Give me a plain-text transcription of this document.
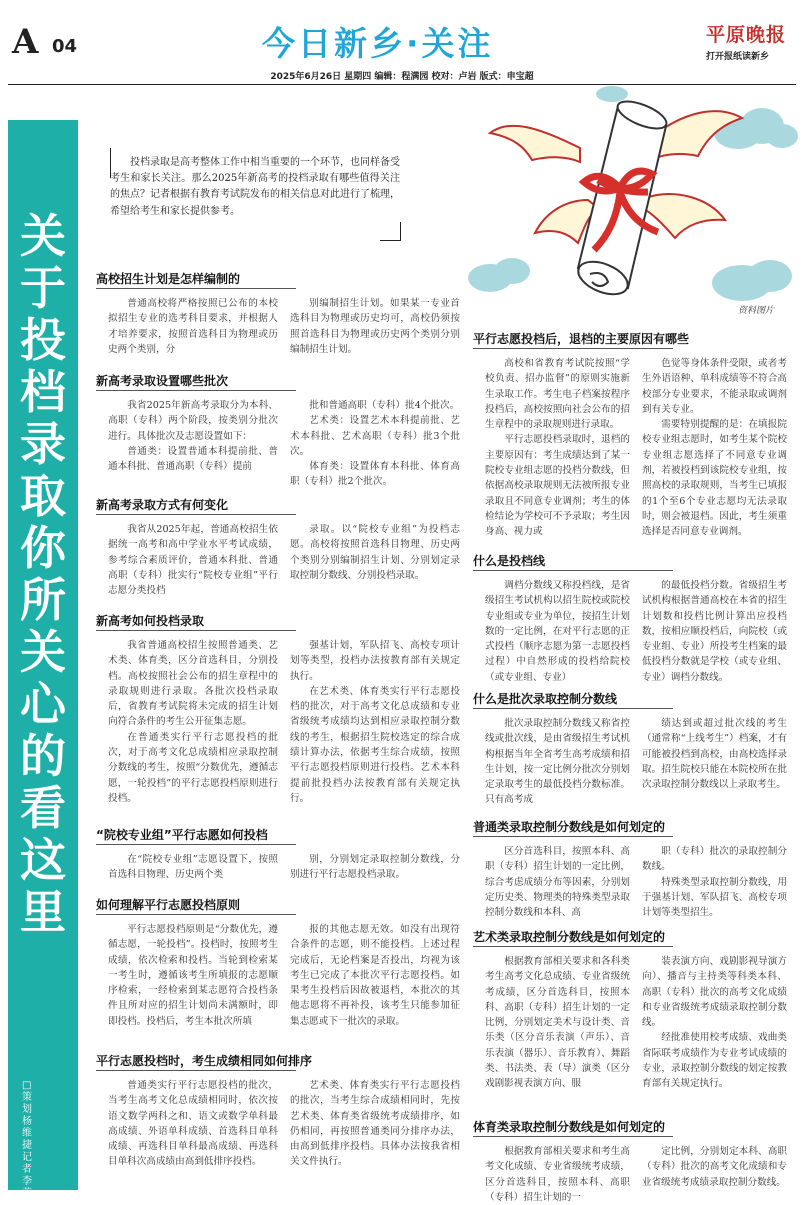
A 04	今日新乡·关注	平原晚报
打开报纸读新乡
2025年6月26日 星期四 编辑：程满园 校对：卢岩 版式：申宝超
关于投档录取 你所关心的看这里
□策划 杨维捷 记者 李蕊
投档录取是高考整体工作中相当重要的一个环节，也同样备受考生和家长关注。那么2025年新高考的投档录取有哪些值得关注的焦点？记者根据有教育考试院发布的相关信息对此进行了梳理，希望给考生和家长提供参考。
资料图片
高校招生计划是怎样编制的

普通高校将严格按照已公布的本校拟招生专业的选考科目要求，并根据人才培养要求，按照首选科目为物理或历史两个类别，分

别编制招生计划。如果某一专业首选科目为物理或历史均可，高校仍须按照首选科目为物理或历史两个类别分别编制招生计划。

新高考录取设置哪些批次

我省2025年新高考录取分为本科、高职（专科）两个阶段，按类别分批次进行。具体批次及志愿设置如下：

普通类：设置普通本科提前批、普通本科批、普通高职（专科）提前

批和普通高职（专科）批4个批次。

艺术类：设置艺术本科提前批、艺术本科批、艺术高职（专科）批3个批次。

体育类：设置体育本科批、体育高职（专科）批2个批次。

新高考录取方式有何变化

我省从2025年起，普通高校招生依据统一高考和高中学业水平考试成绩，参考综合素质评价，普通本科批、普通高职（专科）批实行“院校专业组”平行志愿分类投档

录取。以“院校专业组”为投档志愿。高校将按照首选科目物理、历史两个类别分别编制招生计划、分别划定录取控制分数线、分别投档录取。

新高考如何投档录取

我省普通高校招生按照普通类、艺术类、体育类，区分首选科目，分别投档。高校按照社会公布的招生章程中的录取规则进行录取。各批次投档录取后，省教育考试院将未完成的招生计划向符合条件的考生公开征集志愿。

在普通类实行平行志愿投档的批次，对于高考文化总成绩相应录取控制分数线的考生，按照“分数优先，遵循志愿，一轮投档”的平行志愿投档原则进行投档。

强基计划，军队招飞、高校专项计划等类型，投档办法按教育部有关规定执行。

在艺术类、体育类实行平行志愿投档的批次，对于高考文化总成绩和专业省级统考成绩均达到相应录取控制分数线的考生，根据招生院校选定的综合成绩计算办法，依据考生综合成绩，按照平行志愿投档原则进行投档。艺术本科提前批投档办法按教育部有关规定执行。

“院校专业组”平行志愿如何投档

在“院校专业组”志愿设置下，按照首选科目物理、历史两个类

别，分别划定录取控制分数线，分别进行平行志愿投档录取。

如何理解平行志愿投档原则

平行志愿投档原则是“分数优先，遵循志愿，一轮投档”。投档时，按照考生成绩，依次检索和投档。当轮到检索某一考生时，遵循该考生所填报的志愿顺序检索，一经检索到某志愿符合投档条件且所对应的招生计划尚未满额时，即即投档。投档后，考生本批次所填

报的其他志愿无效。如没有出现符合条件的志愿，则不能投档。上述过程完成后，无论档案是否投出，均视为该考生已完成了本批次平行志愿投档。如果考生投档后因故被退档，本批次的其他志愿将不再补投，该考生只能参加征集志愿或下一批次的录取。

平行志愿投档时，考生成绩相同如何排序

普通类实行平行志愿投档的批次，当考生高考文化总成绩相同时，依次按语文数学两科之和、语文或数学单科最高成绩、外语单科成绩、首选科目单科成绩、再选科目单科最高成绩、再选科目单科次高成绩由高到低排序投档。

艺术类、体育类实行平行志愿投档的批次，当考生综合成绩相同时，先按艺术类、体育类省级统考成绩排序，如仍相同，再按照普通类同分排序办法，由高到低排序投档。具体办法按我省相关文件执行。

平行志愿投档后，退档的主要原因有哪些

高校和省教育考试院按照“学校负责、招办监督”的原则实施新生录取工作。考生电子档案按程序投档后，高校按照向社会公布的招生章程中的录取规则进行录取。

平行志愿投档录取时，退档的主要原因有：考生成绩达到了某一院校专业组志愿的投档分数线，但依据高校录取规则无法被所报专业录取且不同意专业调剂；考生的体检结论为学校可不予录取；考生因身高、视力或

色觉等身体条件受限，或者考生外语语种、单科成绩等不符合高校部分专业要求，不能录取或调剂到有关专业。

需要特别提醒的是：在填报院校专业组志愿时，如考生某个院校专业组志愿选择了不同意专业调剂，若被投档到该院校专业组，按照高校的录取规则，当考生已填报的1个至6个专业志愿均无法录取时，则会被退档。因此，考生须重选择是否同意专业调剂。

什么是投档线

调档分数线又称投档线，是省级招生考试机构以招生院校或院校专业组或专业为单位，按招生计划数的一定比例，在对平行志愿的正式投档（顺序志愿为第一志愿投档过程）中自然形成的投档给院校（或专业组、专业）

的最低投档分数。省级招生考试机构根据普通高校在本省的招生计划数和投档比例计算出应投档数，按相应顺投档后，向院校（或专业组、专业）所投考生档案的最低投档分数就是学校（或专业组、专业）调档分数线。

什么是批次录取控制分数线

批次录取控制分数线又称省控线或批次线，是由省级招生考试机构根据当年全省考生高考成绩和招生计划，按一定比例分批次分别划定录取考生的最低投档分数标准。只有高考成

绩达到或超过批次线的考生（通常称“上线考生”）档案，才有可能被投档到高校，由高校选择录取。招生院校只能在本院校所在批次录取控制分数线以上录取考生。

普通类录取控制分数线是如何划定的

区分首选科目，按照本科、高职（专科）招生计划的一定比例，综合考虑成绩分布等因素，分别划定历史类、物理类的特殊类型录取控制分数线和本科、高

职（专科）批次的录取控制分数线。

特殊类型录取控制分数线，用于强基计划、军队招飞、高校专项计划等类型招生。

艺术类录取控制分数线是如何划定的

根据教育部相关要求和各科类考生高考文化总成绩、专业省级统考成绩，区分首选科目，按照本科、高职（专科）招生计划的一定比例，分别划定美术与设计类、音乐类（区分音乐表演（声乐）、音乐表演（器乐）、音乐教育）、舞蹈类、书法类、表（导）演类（区分戏剧影视表演方向、服

装表演方向、戏剧影视导演方向）、播音与主持类等科类本科、高职（专科）批次的高考文化成绩和专业省级统考成绩录取控制分数线。

经批准使用校考成绩、戏曲类省际联考成绩作为专业考试成绩的专业，录取控制分数线的划定按教育部有关规定执行。

体育类录取控制分数线是如何划定的

根据教育部相关要求和考生高考文化成绩、专业省级统考成绩，区分首选科目，按照本科、高职（专科）招生计划的一

定比例，分别划定本科、高职（专科）批次的高考文化成绩和专业省级统考成绩录取控制分数线。
